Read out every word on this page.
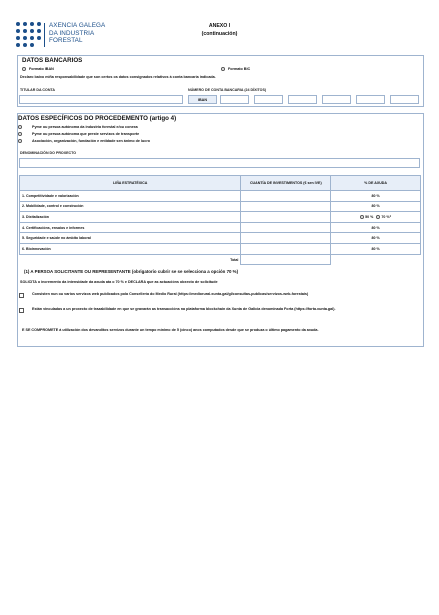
AXENCIA GALEGA
DA INDUSTRIA
FORESTAL
ANEXO I
(continuación)
DATOS BANCARIOS
Formato IBAN	Formato BIC
Declaro baixo miña responsabilidade que son certos os datos consignados relativos á conta bancaria indicada.
TITULAR DA CONTA	NÚMERO DE CONTA BANCARIA (24 DÍXITOS)
IBAN
DATOS ESPECÍFICOS DO PROCEDEMENTO (artigo 4)
Pyme ou persoa autónoma da industria forestal e/ou conexa
Pyme ou persoa autónoma que preste servizos de transporte
Asociación, organización, fundación e entidade sen ánimo de lucro
DENOMINACIÓN DO PROXECTO
LIÑA ESTRATÉXICA	CUANTÍA DE INVESTIMENTOS (€ sen IVE)	% DE AXUDA
1. Competitividade e valorización		80 %
2. Mobilidade, control e construción		80 %
3. Dixitalización		50 % 70 %$^1$
4. Certificacións, ensaios e informes		80 %
5. Seguridade e saúde no ámbito laboral		80 %
6. Bioinnovación		80 %
Total		
(1) A PERSOA SOLICITANTE OU REPRESENTANTE (obrigatorio cubrir se se selecciona a opción 70 %)
SOLICITA o incremento da intensidade da axuda ata o 70 % e DECLARA que as actuacións obxecto de solicitude
Consisten nun ou varios servizos web publicados pola Consellería do Medio Rural (https://mediorural.xunta.gal/gl/consultas-publicas/servizos-web-forestais)
Están vinculadas a un proxecto de trazabilidade en que se gravarán as transaccións na plataforma blockchain da Xunta de Galicia denominada Forta (https://forta.xunta.gal).
E SE COMPROMETE á utilización dos devanditos servizos durante un tempo mínimo de 5 (cinco) anos computados desde que se produza o último pagamento da axuda.
